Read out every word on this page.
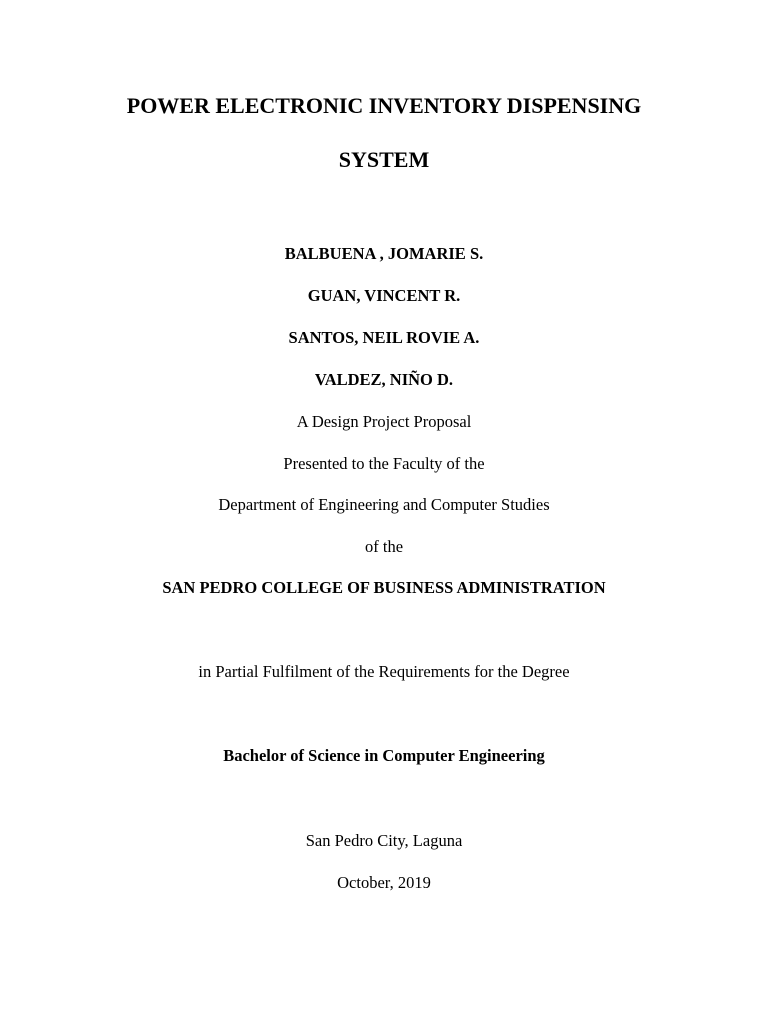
POWER ELECTRONIC INVENTORY DISPENSING
SYSTEM
BALBUENA , JOMARIE S.
GUAN, VINCENT R.
SANTOS, NEIL ROVIE A.
VALDEZ, NIÑO D.
A Design Project Proposal
Presented to the Faculty of the
Department of Engineering and Computer Studies
of the
SAN PEDRO COLLEGE OF BUSINESS ADMINISTRATION
in Partial Fulfilment of the Requirements for the Degree
Bachelor of Science in Computer Engineering
San Pedro City, Laguna
October, 2019
